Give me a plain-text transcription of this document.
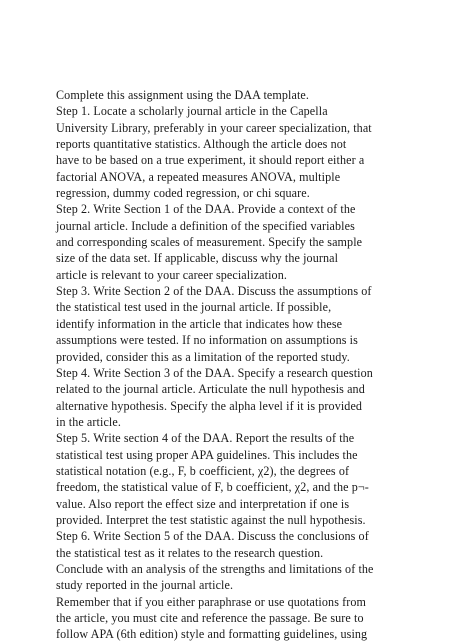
Complete this assignment using the DAA template.
Step 1. Locate a scholarly journal article in the Capella
University Library, preferably in your career specialization, that
reports quantitative statistics. Although the article does not
have to be based on a true experiment, it should report either a
factorial ANOVA, a repeated measures ANOVA, multiple
regression, dummy coded regression, or chi square.
Step 2. Write Section 1 of the DAA. Provide a context of the
journal article. Include a definition of the specified variables
and corresponding scales of measurement. Specify the sample
size of the data set. If applicable, discuss why the journal
article is relevant to your career specialization.
Step 3. Write Section 2 of the DAA. Discuss the assumptions of
the statistical test used in the journal article. If possible,
identify information in the article that indicates how these
assumptions were tested. If no information on assumptions is
provided, consider this as a limitation of the reported study.
Step 4. Write Section 3 of the DAA. Specify a research question
related to the journal article. Articulate the null hypothesis and
alternative hypothesis. Specify the alpha level if it is provided
in the article.
Step 5. Write section 4 of the DAA. Report the results of the
statistical test using proper APA guidelines. This includes the
statistical notation (e.g., F, b coefficient, χ2), the degrees of
freedom, the statistical value of F, b coefficient, χ2, and the p¬-
value. Also report the effect size and interpretation if one is
provided. Interpret the test statistic against the null hypothesis.
Step 6. Write Section 5 of the DAA. Discuss the conclusions of
the statistical test as it relates to the research question.
Conclude with an analysis of the strengths and limitations of the
study reported in the journal article.
Remember that if you either paraphrase or use quotations from
the article, you must cite and reference the passage. Be sure to
follow APA (6th edition) style and formatting guidelines, using
